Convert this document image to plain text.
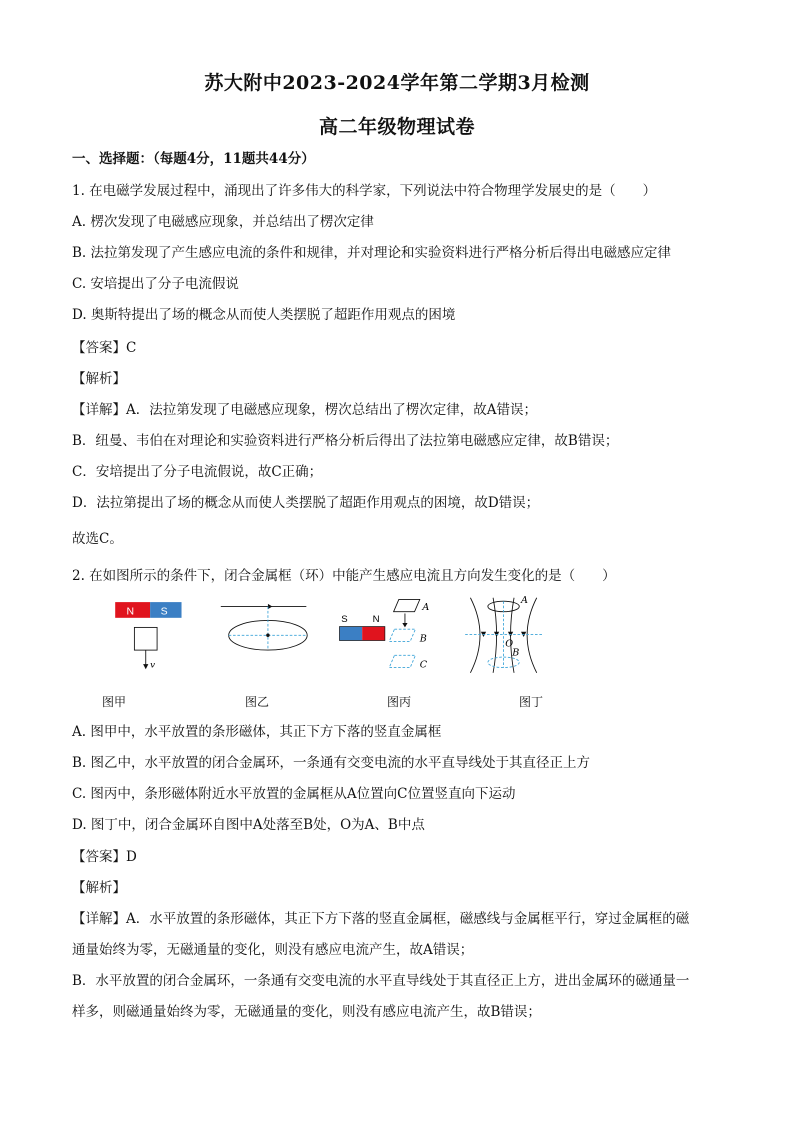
苏大附中2023-2024学年第二学期3月检测
高二年级物理试卷
一、选择题：（每题4分，11题共44分）
1. 在电磁学发展过程中，涌现出了许多伟大的科学家，下列说法中符合物理学发展史的是（　　）
A. 楞次发现了电磁感应现象，并总结出了楞次定律
B. 法拉第发现了产生感应电流的条件和规律，并对理论和实验资料进行严格分析后得出电磁感应定律
C. 安培提出了分子电流假说
D. 奥斯特提出了场的概念从而使人类摆脱了超距作用观点的困境
【答案】C
【解析】
【详解】A．法拉第发现了电磁感应现象，楞次总结出了楞次定律，故A错误；
B．纽曼、韦伯在对理论和实验资料进行严格分析后得出了法拉第电磁感应定律，故B错误；
C．安培提出了分子电流假说，故C正确；
D．法拉第提出了场的概念从而使人类摆脱了超距作用观点的困境，故D错误；
故选C。
2. 在如图所示的条件下，闭合金属框（环）中能产生感应电流且方向发生变化的是（　　）
N S
v
S N
A
B
C
A
O
B
图甲	图乙	图丙	图丁
A. 图甲中，水平放置的条形磁体，其正下方下落的竖直金属框
B. 图乙中，水平放置的闭合金属环，一条通有交变电流的水平直导线处于其直径正上方
C. 图丙中，条形磁体附近水平放置的金属框从A位置向C位置竖直向下运动
D. 图丁中，闭合金属环自图中A处落至B处，O为A、B中点
【答案】D
【解析】
【详解】A．水平放置的条形磁体，其正下方下落的竖直金属框，磁感线与金属框平行，穿过金属框的磁
通量始终为零，无磁通量的变化，则没有感应电流产生，故A错误；
B．水平放置的闭合金属环，一条通有交变电流的水平直导线处于其直径正上方，进出金属环的磁通量一
样多，则磁通量始终为零，无磁通量的变化，则没有感应电流产生，故B错误；
